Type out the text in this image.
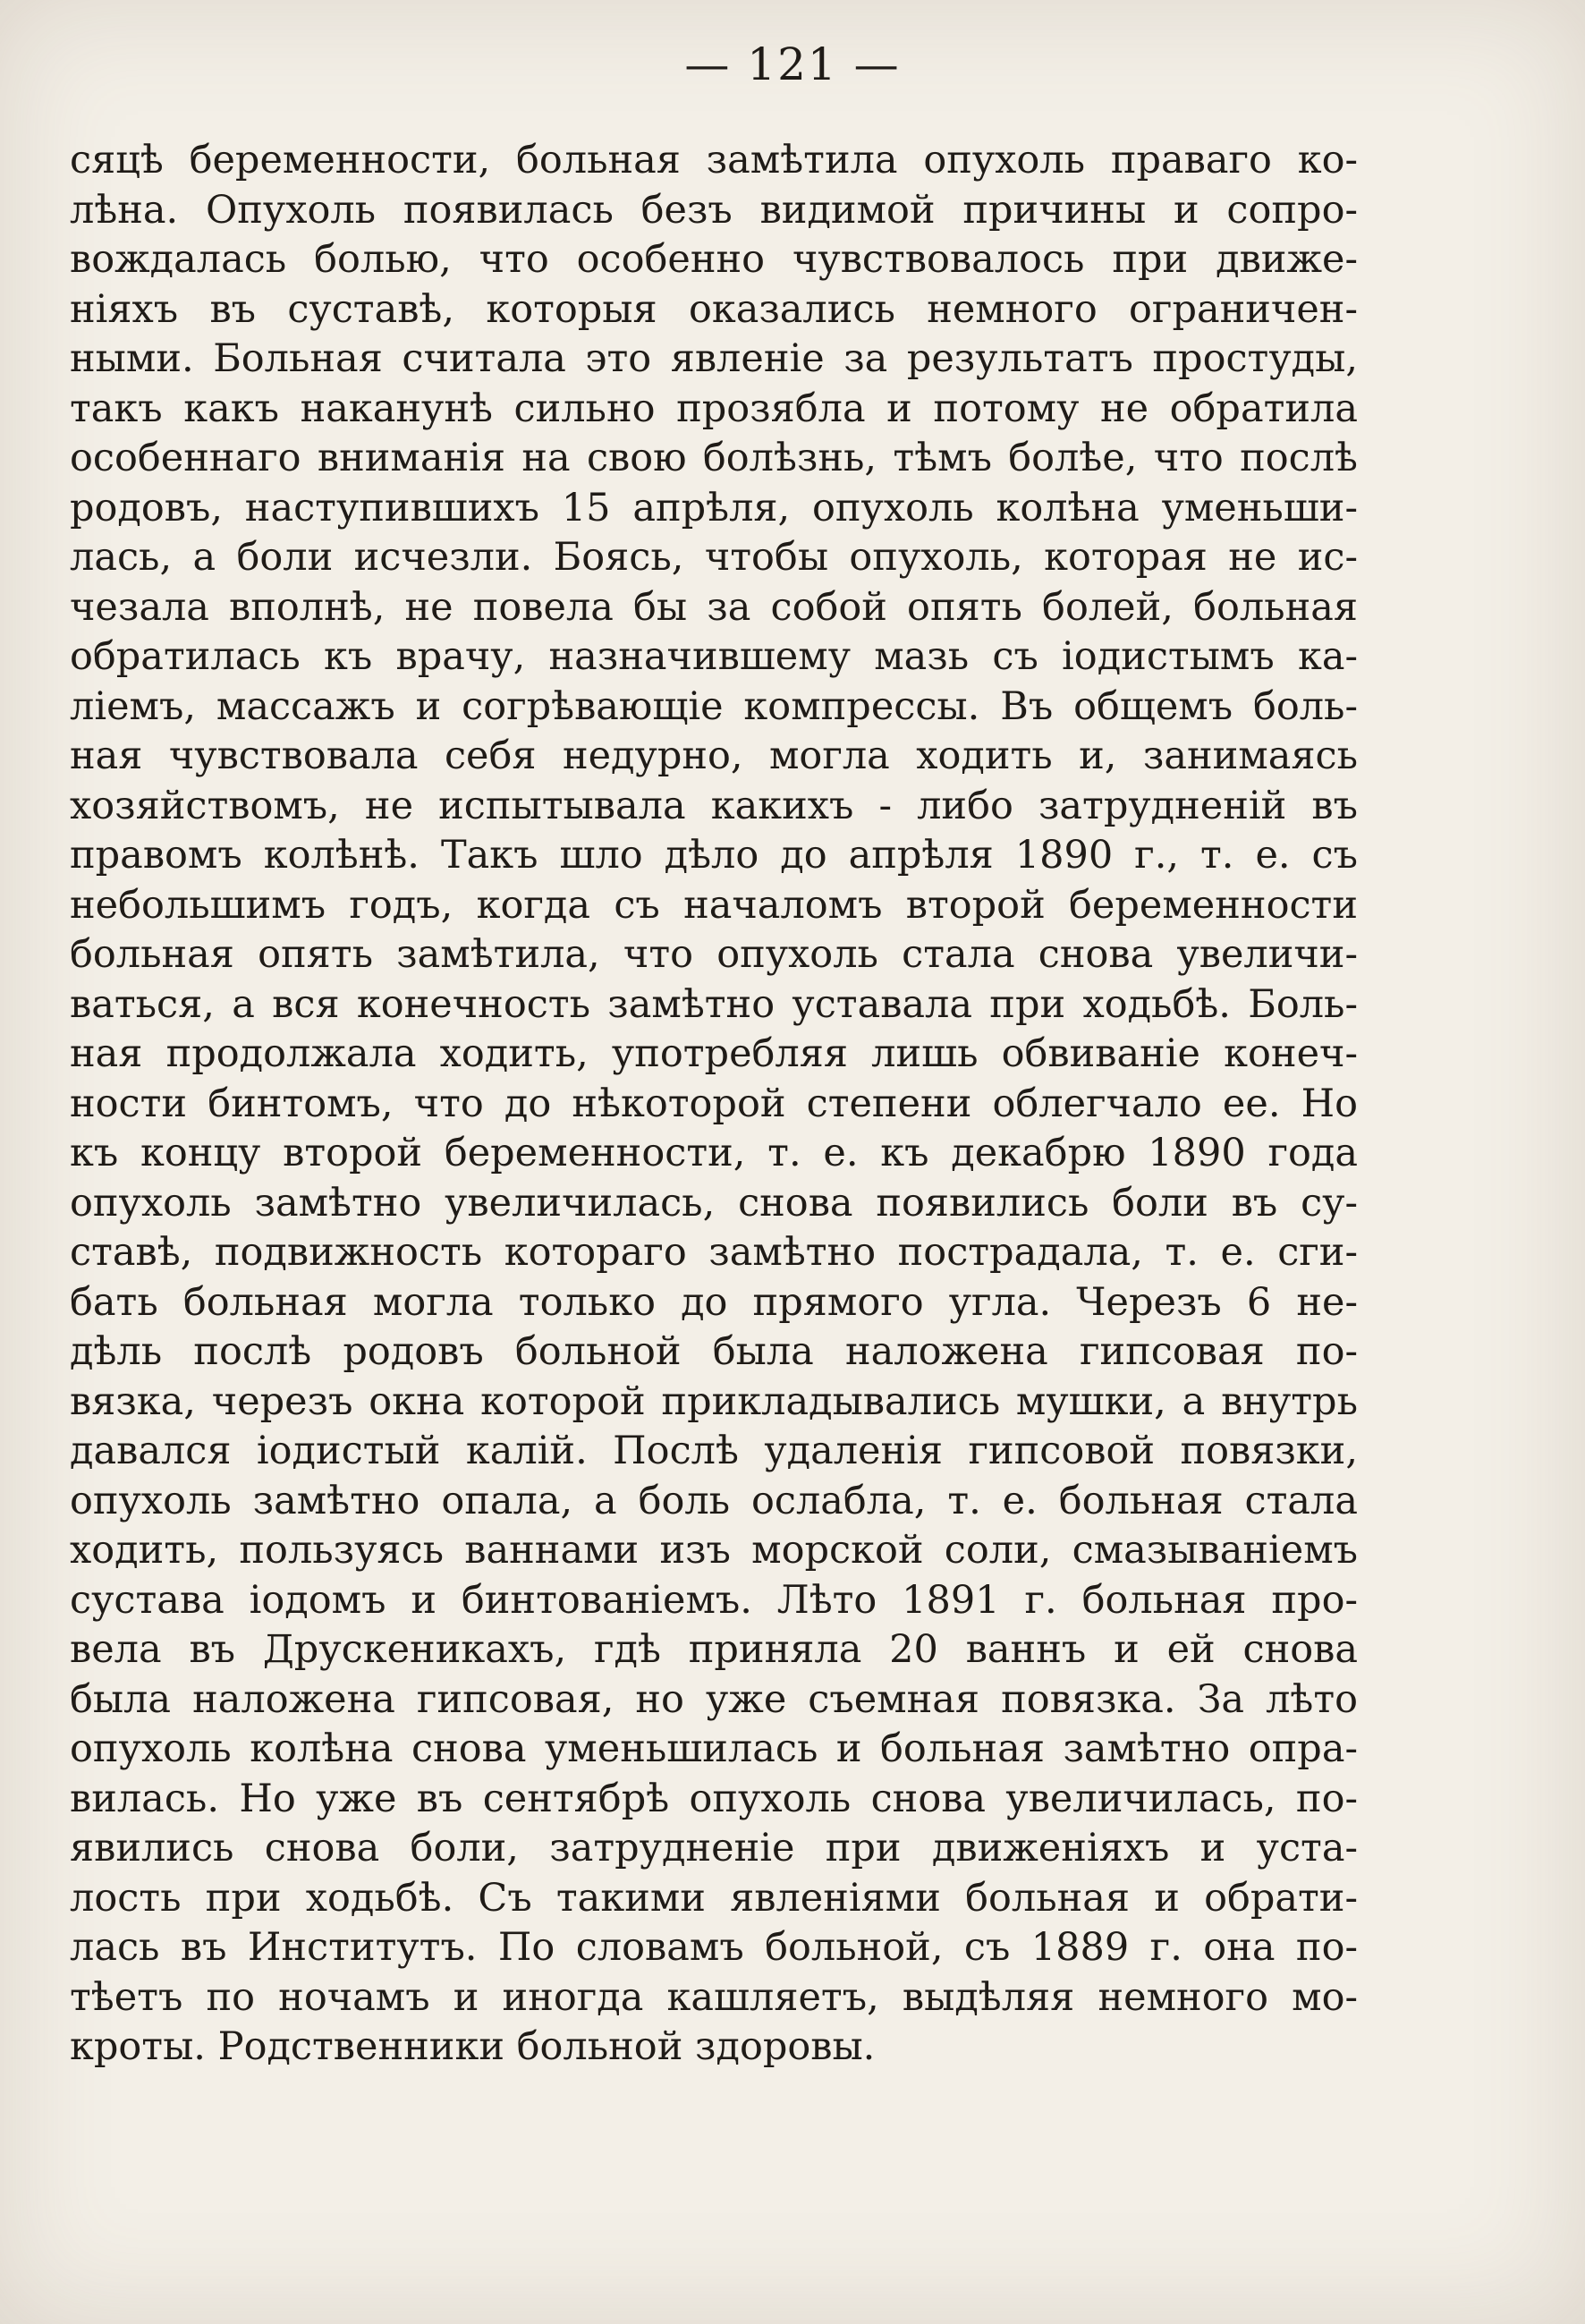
— 121 —
сяцѣ беременности, больная замѣтила опухоль праваго ко-
лѣна. Опухоль появилась безъ видимой причины и сопро-
вождалась болью, что особенно чувствовалось при движе-
ніяхъ въ суставѣ, которыя оказались немного ограничен-
ными. Больная считала это явленіе за результатъ простуды,
такъ какъ наканунѣ сильно прозябла и потому не обратила
особеннаго вниманія на свою болѣзнь, тѣмъ болѣе, что послѣ
родовъ, наступившихъ 15 апрѣля, опухоль колѣна уменьши-
лась, а боли исчезли. Боясь, чтобы опухоль, которая не ис-
чезала вполнѣ, не повела бы за собой опять болей, больная
обратилась къ врачу, назначившему мазь съ іодистымъ ка-
ліемъ, массажъ и согрѣвающіе компрессы. Въ общемъ боль-
ная чувствовала себя недурно, могла ходить и, занимаясь
хозяйствомъ, не испытывала какихъ - либо затрудненій въ
правомъ колѣнѣ. Такъ шло дѣло до апрѣля 1890 г., т. е. съ
небольшимъ годъ, когда съ началомъ второй беременности
больная опять замѣтила, что опухоль стала снова увеличи-
ваться, а вся конечность замѣтно уставала при ходьбѣ. Боль-
ная продолжала ходить, употребляя лишь обвиваніе конеч-
ности бинтомъ, что до нѣкоторой степени облегчало ее. Но
къ концу второй беременности, т. е. къ декабрю 1890 года
опухоль замѣтно увеличилась, снова появились боли въ су-
ставѣ, подвижность котораго замѣтно пострадала, т. е. сги-
бать больная могла только до прямого угла. Черезъ 6 не-
дѣль послѣ родовъ больной была наложена гипсовая по-
вязка, черезъ окна которой прикладывались мушки, а внутрь
давался іодистый калій. Послѣ удаленія гипсовой повязки,
опухоль замѣтно опала, а боль ослабла, т. е. больная стала
ходить, пользуясь ваннами изъ морской соли, смазываніемъ
сустава іодомъ и бинтованіемъ. Лѣто 1891 г. больная про-
вела въ Друскеникахъ, гдѣ приняла 20 ваннъ и ей снова
была наложена гипсовая, но уже съемная повязка. За лѣто
опухоль колѣна снова уменьшилась и больная замѣтно опра-
вилась. Но уже въ сентябрѣ опухоль снова увеличилась, по-
явились снова боли, затрудненіе при движеніяхъ и уста-
лость при ходьбѣ. Съ такими явленіями больная и обрати-
лась въ Институтъ. По словамъ больной, съ 1889 г. она по-
тѣетъ по ночамъ и иногда кашляетъ, выдѣляя немного мо-
кроты. Родственники больной здоровы.
